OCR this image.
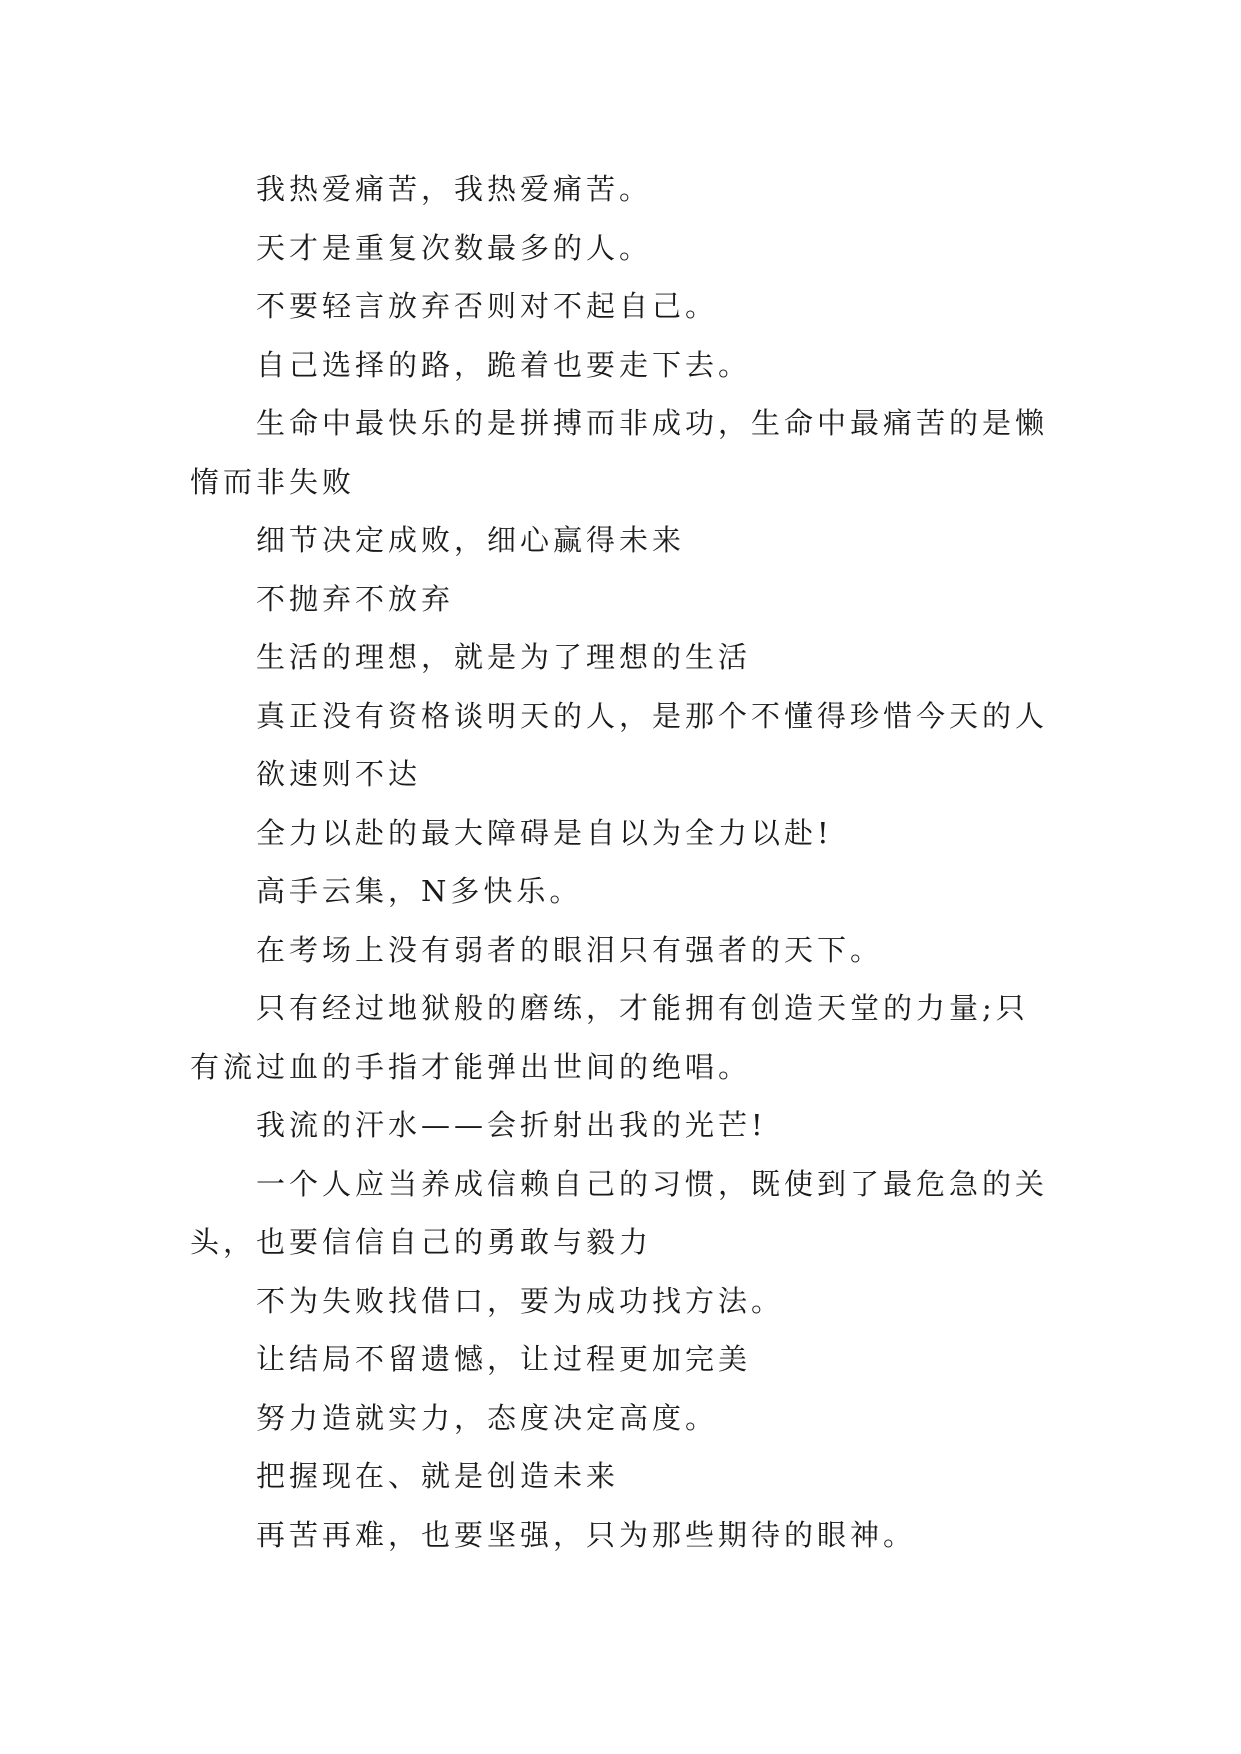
我热爱痛苦，我热爱痛苦。

天才是重复次数最多的人。

不要轻言放弃否则对不起自己。

自己选择的路，跪着也要走下去。

生命中最快乐的是拼搏而非成功，生命中最痛苦的是懒惰而非失败

细节决定成败，细心赢得未来

不抛弃不放弃

生活的理想，就是为了理想的生活

真正没有资格谈明天的人，是那个不懂得珍惜今天的人

欲速则不达

全力以赴的最大障碍是自以为全力以赴!

高手云集，N多快乐。

在考场上没有弱者的眼泪只有强者的天下。

只有经过地狱般的磨练，才能拥有创造天堂的力量;只有流过血的手指才能弹出世间的绝唱。

我流的汗水——会折射出我的光芒!

一个人应当养成信赖自己的习惯，既使到了最危急的关头，也要信信自己的勇敢与毅力

不为失败找借口，要为成功找方法。

让结局不留遗憾，让过程更加完美

努力造就实力，态度决定高度。

把握现在、就是创造未来

再苦再难，也要坚强，只为那些期待的眼神。
